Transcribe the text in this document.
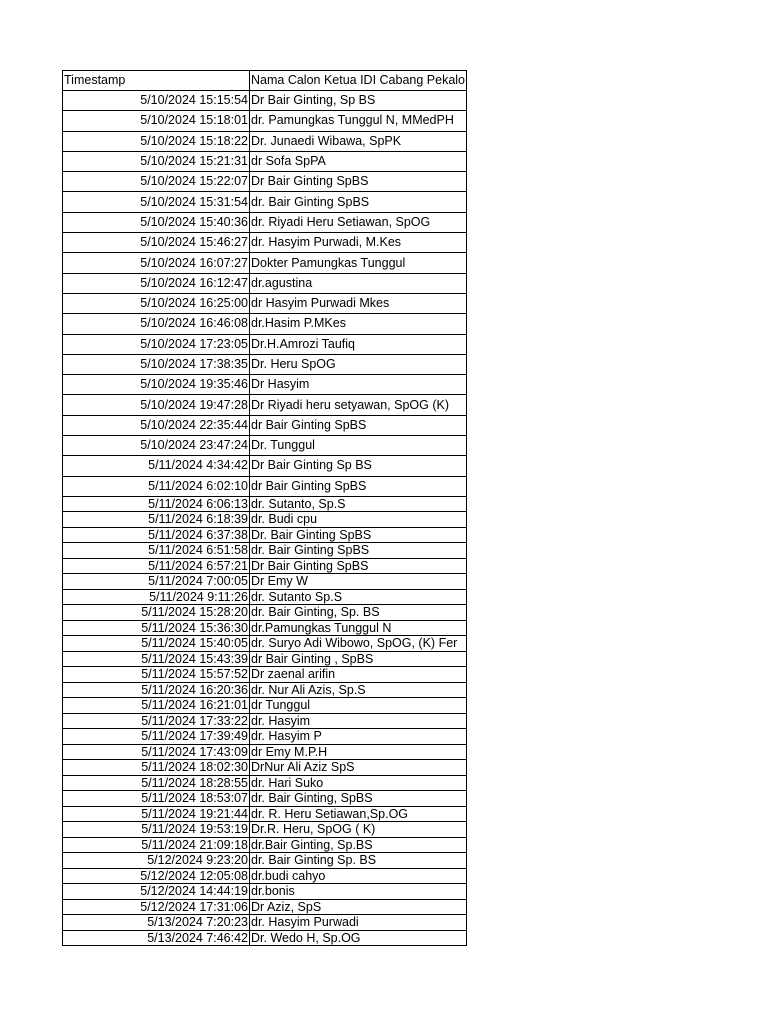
Timestamp	Nama Calon Ketua IDI Cabang Pekalo
5/10/2024 15:15:54	Dr Bair Ginting, Sp BS
5/10/2024 15:18:01	dr. Pamungkas Tunggul N, MMedPH
5/10/2024 15:18:22	Dr. Junaedi Wibawa, SpPK
5/10/2024 15:21:31	dr Sofa SpPA
5/10/2024 15:22:07	Dr Bair Ginting SpBS
5/10/2024 15:31:54	dr. Bair Ginting SpBS
5/10/2024 15:40:36	dr. Riyadi Heru Setiawan, SpOG
5/10/2024 15:46:27	dr. Hasyim Purwadi, M.Kes
5/10/2024 16:07:27	Dokter Pamungkas Tunggul
5/10/2024 16:12:47	dr.agustina
5/10/2024 16:25:00	dr Hasyim Purwadi Mkes
5/10/2024 16:46:08	dr.Hasim P.MKes
5/10/2024 17:23:05	Dr.H.Amrozi Taufiq
5/10/2024 17:38:35	Dr. Heru SpOG
5/10/2024 19:35:46	Dr Hasyim
5/10/2024 19:47:28	Dr Riyadi heru setyawan, SpOG (K)
5/10/2024 22:35:44	dr Bair Ginting SpBS
5/10/2024 23:47:24	Dr. Tunggul
5/11/2024 4:34:42	Dr Bair Ginting Sp BS
5/11/2024 6:02:10	dr Bair Ginting SpBS
5/11/2024 6:06:13	dr. Sutanto, Sp.S
5/11/2024 6:18:39	dr. Budi cpu
5/11/2024 6:37:38	Dr. Bair Ginting SpBS
5/11/2024 6:51:58	dr. Bair Ginting SpBS
5/11/2024 6:57:21	Dr Bair Ginting SpBS
5/11/2024 7:00:05	Dr Emy W
5/11/2024 9:11:26	dr. Sutanto Sp.S
5/11/2024 15:28:20	dr. Bair Ginting, Sp. BS
5/11/2024 15:36:30	dr.Pamungkas Tunggul N
5/11/2024 15:40:05	dr. Suryo Adi Wibowo, SpOG, (K) Fer
5/11/2024 15:43:39	dr Bair Ginting , SpBS
5/11/2024 15:57:52	Dr zaenal arifin
5/11/2024 16:20:36	dr. Nur Ali Azis, Sp.S
5/11/2024 16:21:01	dr Tunggul
5/11/2024 17:33:22	dr. Hasyim
5/11/2024 17:39:49	dr. Hasyim P
5/11/2024 17:43:09	dr Emy M.P.H
5/11/2024 18:02:30	DrNur Ali Aziz SpS
5/11/2024 18:28:55	dr. Hari Suko
5/11/2024 18:53:07	dr. Bair Ginting, SpBS
5/11/2024 19:21:44	dr. R. Heru Setiawan,Sp.OG
5/11/2024 19:53:19	Dr.R. Heru, SpOG ( K)
5/11/2024 21:09:18	dr.Bair Ginting, Sp.BS
5/12/2024 9:23:20	dr. Bair Ginting Sp. BS
5/12/2024 12:05:08	dr.budi cahyo
5/12/2024 14:44:19	dr.bonis
5/12/2024 17:31:06	Dr Aziz, SpS
5/13/2024 7:20:23	dr. Hasyim Purwadi
5/13/2024 7:46:42	Dr. Wedo H, Sp.OG
